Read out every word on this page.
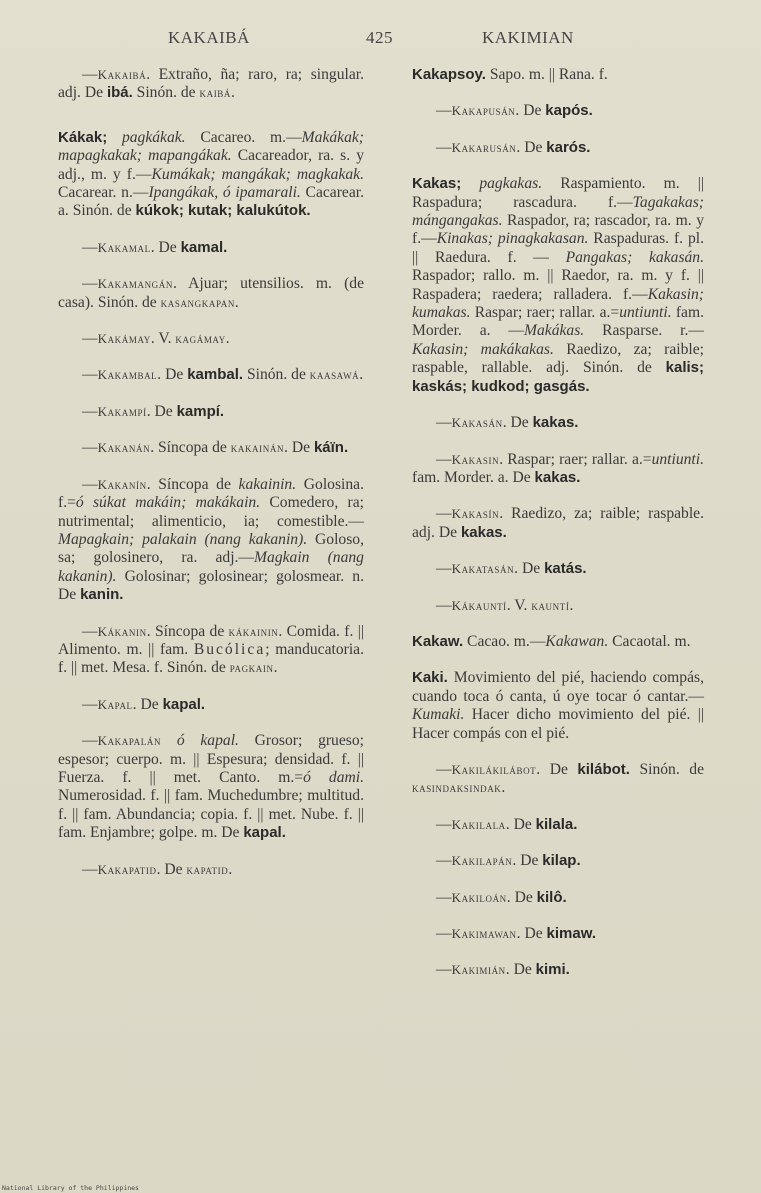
KAKAIBÁ	425	KAKIMIAN

—Kakaibá. Extraño, ña; raro, ra; singular. adj. De ibá. Sinón. de kaibá.

Kákak; pagkákak. Cacareo. m.—Makákak; mapagkakak; mapangákak. Cacareador, ra. s. y adj., m. y f.—Kumákak; mangákak; magkakak. Cacarear. n.—Ipangákak, ó ipamarali. Cacarear. a. Sinón. de kúkok; kutak; kalukútok.

—Kakamal. De kamal.

—Kakamangán. Ajuar; utensilios. m. (de casa). Sinón. de kasangkapan.

—Kakámay. V. kagámay.

—Kakambal. De kambal. Sinón. de kaasawá.

—Kakampí. De kampí.

—Kakanán. Síncopa de kakainán. De káïn.

—Kakanín. Síncopa de kakainin. Golosina. f.=ó súkat makáin; makákain. Comedero, ra; nutrimental; alimenticio, ia; comestible.—Mapagkain; palakain (nang kakanin). Goloso, sa; golosinero, ra. adj.—Magkain (nang kakanin). Golosinar; golosinear; golosmear. n. De kanin.

—Kákanin. Síncopa de kákainin. Comida. f. || Alimento. m. || fam. Bucólica; manducatoria. f. || met. Mesa. f. Sinón. de pagkain.

—Kapal. De kapal.

—Kakapalán ó kapal. Grosor; grueso; espesor; cuerpo. m. || Espesura; densidad. f. || Fuerza. f. || met. Canto. m.=ó dami. Numerosidad. f. || fam. Muchedumbre; multitud. f. || fam. Abundancia; copia. f. || met. Nube. f. || fam. Enjambre; golpe. m. De kapal.

—Kakapatid. De kapatid.

Kakapsoy. Sapo. m. || Rana. f.

—Kakapusán. De kapós.

—Kakarusán. De karós.

Kakas; pagkakas. Raspamiento. m. || Raspadura; rascadura. f.—Tagakakas; mángangakas. Raspador, ra; rascador, ra. m. y f.—Kinakas; pinagkakasan. Raspaduras. f. pl. || Raedura. f. — Pangakas; kakasán. Raspador; rallo. m. || Raedor, ra. m. y f. || Raspadera; raedera; ralladera. f.—Kakasin; kumakas. Raspar; raer; rallar. a.=untiunti. fam. Morder. a. —Makákas. Rasparse. r.—Kakasin; makákakas. Raedizo, za; raible; raspable, rallable. adj. Sinón. de kalis; kaskás; kudkod; gasgás.

—Kakasán. De kakas.

—Kakasin. Raspar; raer; rallar. a.=untiunti. fam. Morder. a. De kakas.

—Kakasín. Raedizo, za; raible; raspable. adj. De kakas.

—Kakatasán. De katás.

—Kákauntí. V. kauntí.

Kakaw. Cacao. m.—Kakawan. Cacaotal. m.

Kaki. Movimiento del pié, haciendo compás, cuando toca ó canta, ú oye tocar ó cantar.—Kumaki. Hacer dicho movimiento del pié. || Hacer compás con el pié.

—Kakilákilábot. De kilábot. Sinón. de kasindaksindak.

—Kakilala. De kilala.

—Kakilapán. De kilap.

—Kakiloán. De kilô.

—Kakimawan. De kimaw.

—Kakimián. De kimi.

National Library of the Philippines
